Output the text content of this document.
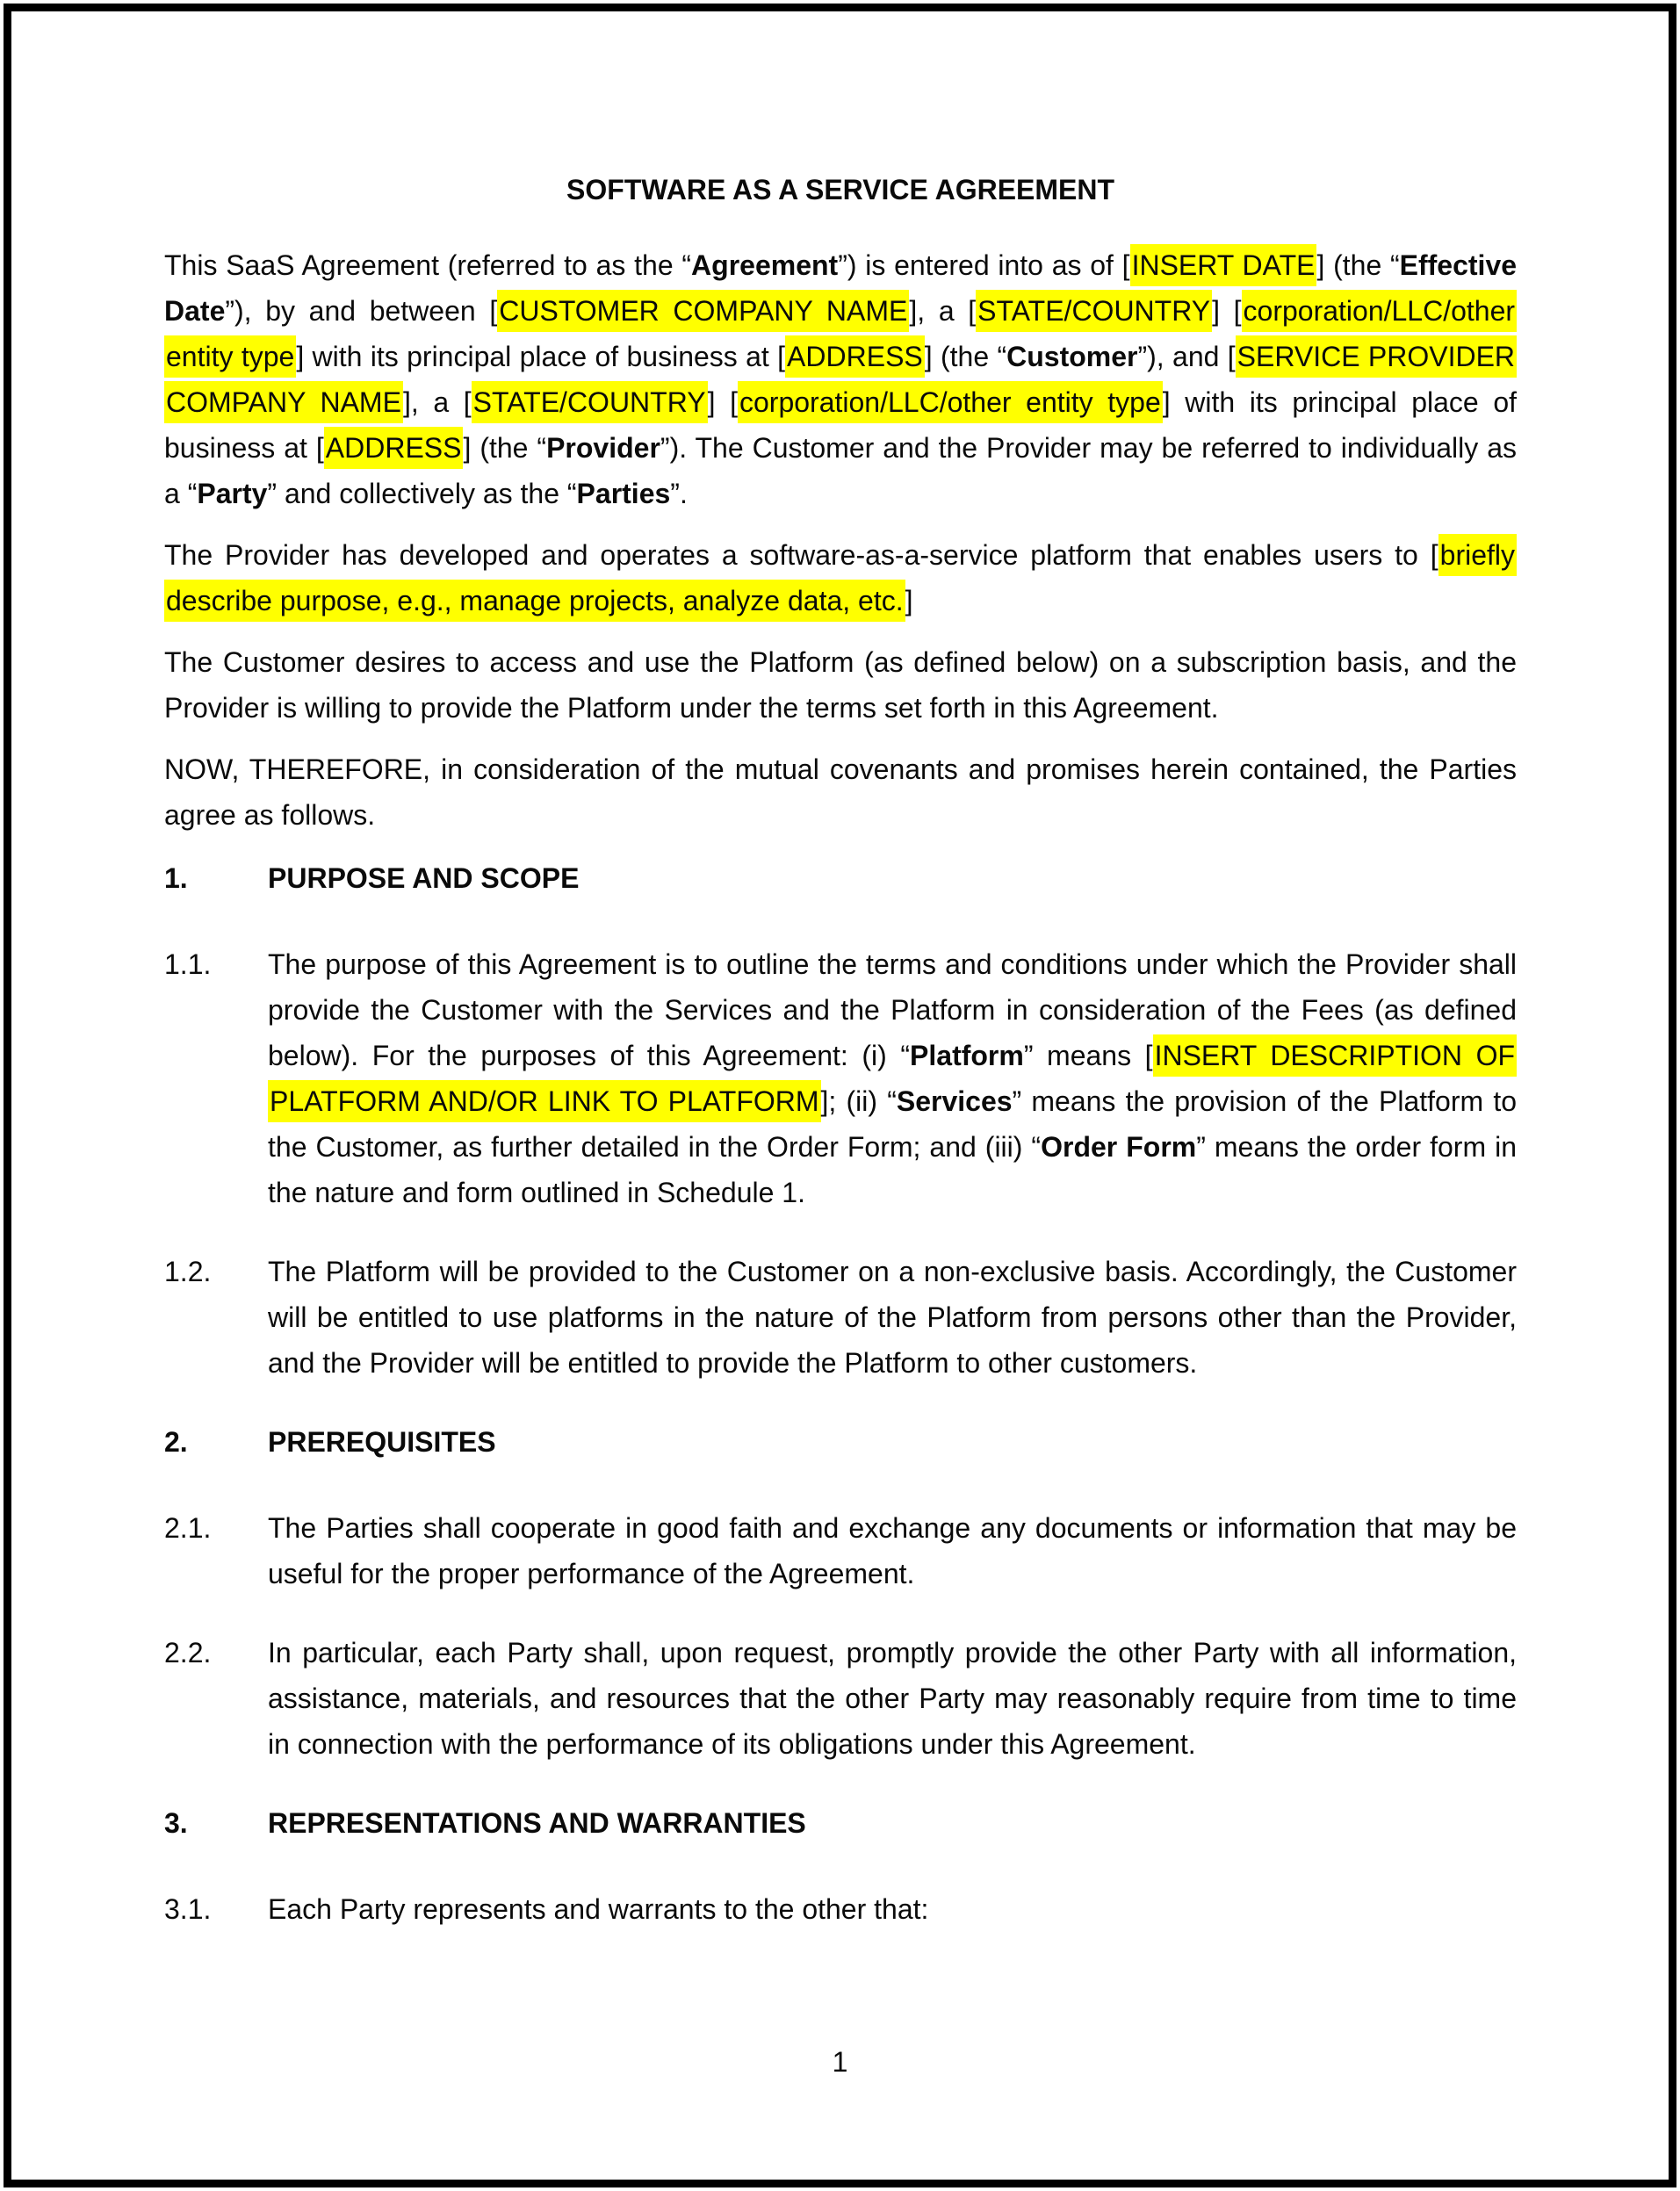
SOFTWARE AS A SERVICE AGREEMENT

This SaaS Agreement (referred to as the “Agreement”) is entered into as of [INSERT DATE] (the “Effective Date”), by and between [CUSTOMER COMPANY NAME], a [STATE/COUNTRY] [corporation/LLC/other entity type] with its principal place of business at [ADDRESS] (the “Customer”), and [SERVICE PROVIDER COMPANY NAME], a [STATE/COUNTRY] [corporation/LLC/other entity type] with its principal place of business at [ADDRESS] (the “Provider”). The Customer and the Provider may be referred to individually as a “Party” and collectively as the “Parties”.

The Provider has developed and operates a software-as-a-service platform that enables users to [briefly describe purpose, e.g., manage projects, analyze data, etc.]

The Customer desires to access and use the Platform (as defined below) on a subscription basis, and the Provider is willing to provide the Platform under the terms set forth in this Agreement.

NOW, THEREFORE, in consideration of the mutual covenants and promises herein contained, the Parties agree as follows.

1.	PURPOSE AND SCOPE
1.1. The purpose of this Agreement is to outline the terms and conditions under which the Provider shall provide the Customer with the Services and the Platform in consideration of the Fees (as defined below). For the purposes of this Agreement: (i) “Platform” means [INSERT DESCRIPTION OF PLATFORM AND/OR LINK TO PLATFORM]; (ii) “Services” means the provision of the Platform to the Customer, as further detailed in the Order Form; and (iii) “Order Form” means the order form in the nature and form outlined in Schedule 1.
1.2. The Platform will be provided to the Customer on a non-exclusive basis. Accordingly, the Customer will be entitled to use platforms in the nature of the Platform from persons other than the Provider, and the Provider will be entitled to provide the Platform to other customers.
2.	PREREQUISITES
2.1. The Parties shall cooperate in good faith and exchange any documents or information that may be useful for the proper performance of the Agreement.
2.2. In particular, each Party shall, upon request, promptly provide the other Party with all information, assistance, materials, and resources that the other Party may reasonably require from time to time in connection with the performance of its obligations under this Agreement.
3.	REPRESENTATIONS AND WARRANTIES
3.1. Each Party represents and warrants to the other that:
1
